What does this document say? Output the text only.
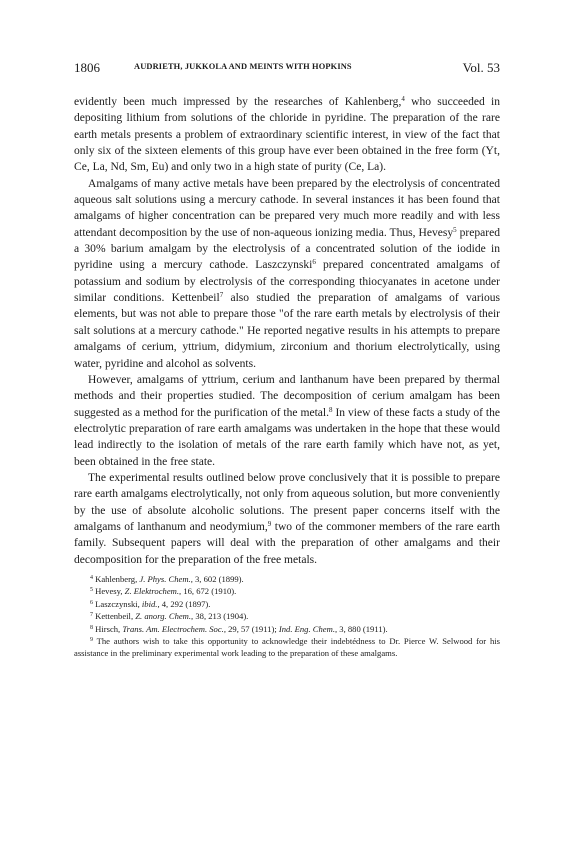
1806	AUDRIETH, JUKKOLA AND MEINTS WITH HOPKINS	Vol. 53

evidently been much impressed by the researches of Kahlenberg,$^4$ who succeeded in depositing lithium from solutions of the chloride in pyridine. The preparation of the rare earth metals presents a problem of extraordinary scientific interest, in view of the fact that only six of the sixteen elements of this group have ever been obtained in the free form (Yt, Ce, La, Nd, Sm, Eu) and only two in a high state of purity (Ce, La).

Amalgams of many active metals have been prepared by the electrolysis of concentrated aqueous salt solutions using a mercury cathode. In several instances it has been found that amalgams of higher concentration can be prepared very much more readily and with less attendant decomposition by the use of non-aqueous ionizing media. Thus, Hevesy$^5$ prepared a 30% barium amalgam by the electrolysis of a concentrated solution of the iodide in pyridine using a mercury cathode. Laszczynski$^6$ prepared concentrated amalgams of potassium and sodium by electrolysis of the corresponding thiocyanates in acetone under similar conditions. Kettenbeil$^7$ also studied the preparation of amalgams of various elements, but was not able to prepare those "of the rare earth metals by electrolysis of their salt solutions at a mercury cathode." He reported negative results in his attempts to prepare amalgams of cerium, yttrium, didymium, zirconium and thorium electrolytically, using water, pyridine and alcohol as solvents.

However, amalgams of yttrium, cerium and lanthanum have been prepared by thermal methods and their properties studied. The decomposition of cerium amalgam has been suggested as a method for the purification of the metal.$^8$ In view of these facts a study of the electrolytic preparation of rare earth amalgams was undertaken in the hope that these would lead indirectly to the isolation of metals of the rare earth family which have not, as yet, been obtained in the free state.

The experimental results outlined below prove conclusively that it is possible to prepare rare earth amalgams electrolytically, not only from aqueous solution, but more conveniently by the use of absolute alcoholic solutions. The present paper concerns itself with the amalgams of lanthanum and neodymium,$^9$ two of the commoner members of the rare earth family. Subsequent papers will deal with the preparation of other amalgams and their decomposition for the preparation of the free metals.

$^4$ Kahlenberg, J. Phys. Chem., 3, 602 (1899).

$^5$ Hevesy, Z. Elektrochem., 16, 672 (1910).

$^6$ Laszczynski, ibid., 4, 292 (1897).

$^7$ Kettenbeil, Z. anorg. Chem., 38, 213 (1904).

$^8$ Hirsch, Trans. Am. Electrochem. Soc., 29, 57 (1911); Ind. Eng. Chem., 3, 880 (1911).

$^9$ The authors wish to take this opportunity to acknowledge their indebtédness to Dr. Pierce W. Selwood for his assistance in the preliminary experimental work leading to the preparation of these amalgams.
